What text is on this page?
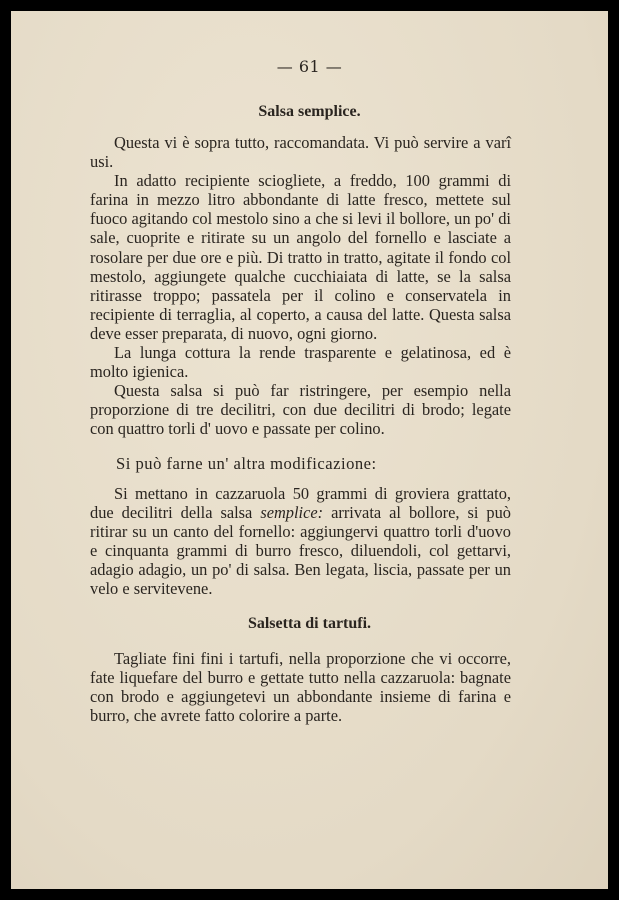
— 61 —
Salsa semplice.

Questa vi è sopra tutto, raccomandata. Vi può servire a varî usi.

In adatto recipiente sciogliete, a freddo, 100 grammi di farina in mezzo litro abbondante di latte fresco, mettete sul fuoco agitando col mestolo sino a che si levi il bollore, un po' di sale, cuoprite e ritirate su un angolo del fornello e lasciate a rosolare per due ore e più. Di tratto in tratto, agitate il fondo col mestolo, aggiungete qualche cucchiaiata di latte, se la salsa ritirasse troppo; passatela per il colino e conservatela in recipiente di terraglia, al coperto, a causa del latte. Questa salsa deve esser preparata, di nuovo, ogni giorno.

La lunga cottura la rende trasparente e gelatinosa, ed è molto igienica.

Questa salsa si può far ristringere, per esempio nella proporzione di tre decilitri, con due decilitri di brodo; legate con quattro torli d' uovo e passate per colino.

Si può farne un' altra modificazione:

Si mettano in cazzaruola 50 grammi di groviera grattato, due decilitri della salsa semplice: arrivata al bollore, si può ritirar su un canto del fornello: aggiungervi quattro torli d'uovo e cinquanta grammi di burro fresco, diluendoli, col gettarvi, adagio adagio, un po' di salsa. Ben legata, liscia, passate per un velo e servitevene.

Salsetta di tartufi.

Tagliate fini fini i tartufi, nella proporzione che vi occorre, fate liquefare del burro e gettate tutto nella cazzaruola: bagnate con brodo e aggiungetevi un abbondante insieme di farina e burro, che avrete fatto colorire a parte.
